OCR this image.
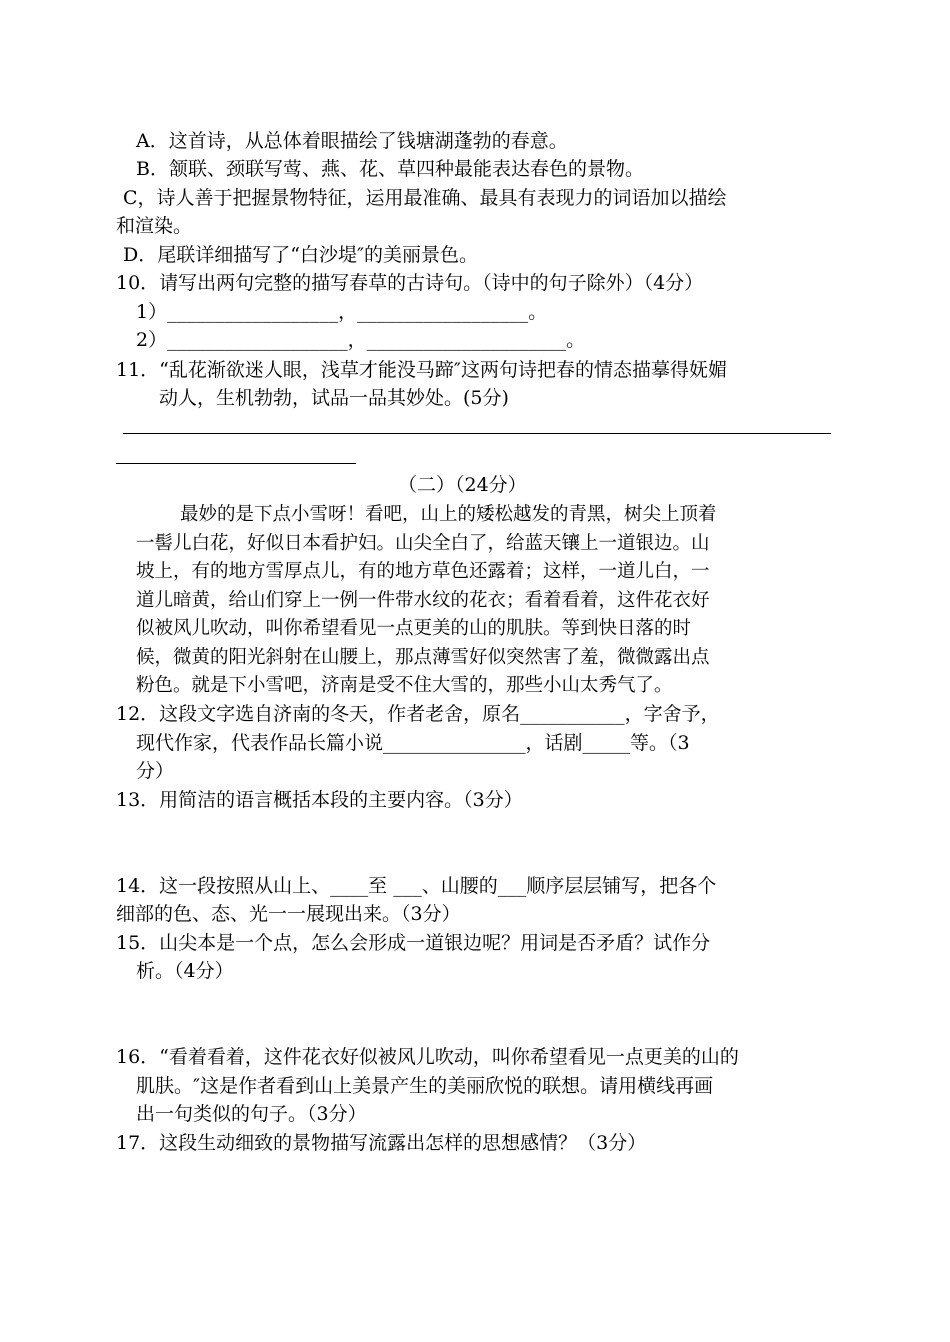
A．这首诗，从总体着眼描绘了钱塘湖蓬勃的春意。
B．颔联、颈联写莺、燕、花、草四种最能表达春色的景物。
C，诗人善于把握景物特征，运用最准确、最具有表现力的词语加以描绘
和渲染。
D．尾联详细描写了“白沙堤″的美丽景色。
10．请写出两句完整的描写春草的古诗句。（诗中的句子除外）（4分）
1）__________________，__________________。
2）___________________，_____________________。
11．“乱花渐欲迷人眼，浅草才能没马蹄″这两句诗把春的情态描摹得妩媚
动人，生机勃勃，试品一品其妙处。(5分)
（二）（24分）
最妙的是下点小雪呀！看吧，山上的矮松越发的青黑，树尖上顶着
一髻儿白花，好似日本看护妇。山尖全白了，给蓝天镶上一道银边。山
坡上，有的地方雪厚点儿，有的地方草色还露着；这样，一道儿白，一
道儿暗黄，给山们穿上一例一件带水纹的花衣；看着看着，这件花衣好
似被风儿吹动，叫你希望看见一点更美的山的肌肤。等到快日落的时
候，微黄的阳光斜射在山腰上，那点薄雪好似突然害了羞，微微露出点
粉色。就是下小雪吧，济南是受不住大雪的，那些小山太秀气了。
12．这段文字选自济南的冬天，作者老舍，原名___________，字舍予，
现代作家，代表作品长篇小说_______________，话剧_____等。（3
分）
13．用简洁的语言概括本段的主要内容。（3分）
14．这一段按照从山上、____至 ___、山腰的___顺序层层铺写，把各个
细部的色、态、光一一展现出来。（3分）
15．山尖本是一个点，怎么会形成一道银边呢？用词是否矛盾？试作分
析。（4分）
16．“看着看着，这件花衣好似被风儿吹动，叫你希望看见一点更美的山的
肌肤。″这是作者看到山上美景产生的美丽欣悦的联想。请用横线再画
出一句类似的句子。（3分）
17．这段生动细致的景物描写流露出怎样的思想感情？（3分）
